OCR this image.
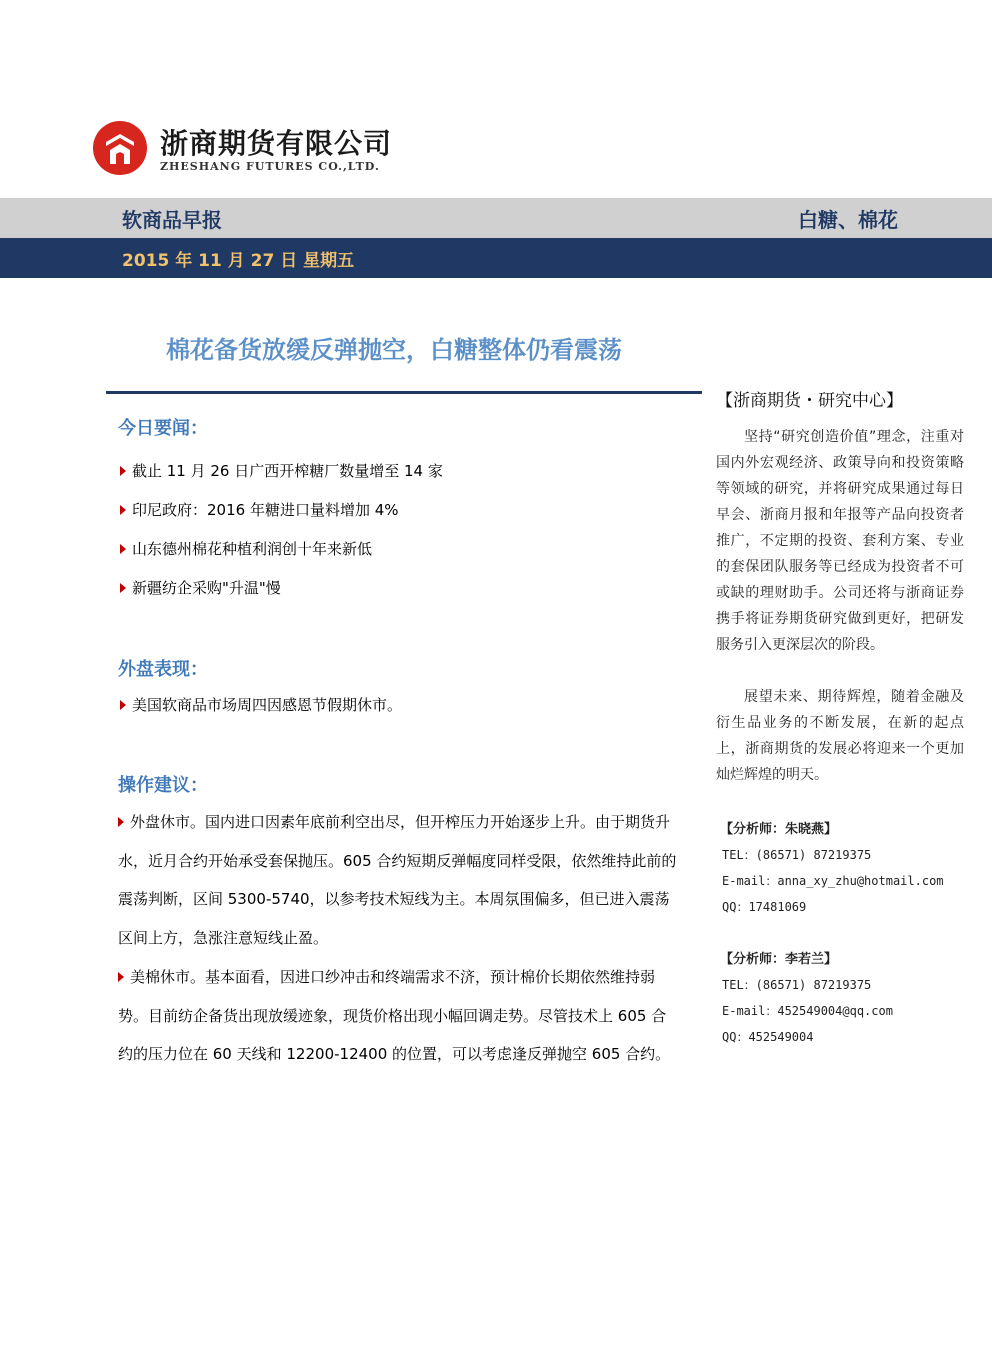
浙商期货有限公司
ZHESHANG FUTURES CO.,LTD.
软商品早报	白糖、棉花
2015 年 11 月 27 日 星期五
棉花备货放缓反弹抛空，白糖整体仍看震荡
今日要闻：
截止 11 月 26 日广西开榨糖厂数量增至 14 家
印尼政府：2016 年糖进口量料增加 4%
山东德州棉花种植利润创十年来新低
新疆纺企采购"升温"慢
外盘表现：
美国软商品市场周四因感恩节假期休市。
操作建议：
外盘休市。国内进口因素年底前利空出尽，但开榨压力开始逐步上升。由于期货升水，近月合约开始承受套保抛压。605 合约短期反弹幅度同样受限，依然维持此前的震荡判断，区间 5300-5740，以参考技术短线为主。本周氛围偏多，但已进入震荡区间上方，急涨注意短线止盈。
美棉休市。基本面看，因进口纱冲击和终端需求不济，预计棉价长期依然维持弱势。目前纺企备货出现放缓迹象，现货价格出现小幅回调走势。尽管技术上 605 合约的压力位在 60 天线和 12200-12400 的位置，可以考虑逢反弹抛空 605 合约。
【浙商期货・研究中心】

坚持“研究创造价值”理念，注重对国内外宏观经济、政策导向和投资策略等领域的研究，并将研究成果通过每日早会、浙商月报和年报等产品向投资者推广，不定期的投资、套利方案、专业的套保团队服务等已经成为投资者不可或缺的理财助手。公司还将与浙商证券携手将证券期货研究做到更好，把研发服务引入更深层次的阶段。

展望未来、期待辉煌，随着金融及衍生品业务的不断发展，在新的起点上，浙商期货的发展必将迎来一个更加灿烂辉煌的明天。

【分析师：朱晓燕】
TEL：(86571) 87219375
E-mail：anna_xy_zhu@hotmail.com
QQ：17481069
【分析师：李若兰】
TEL：(86571) 87219375
E-mail：452549004@qq.com
QQ：452549004
